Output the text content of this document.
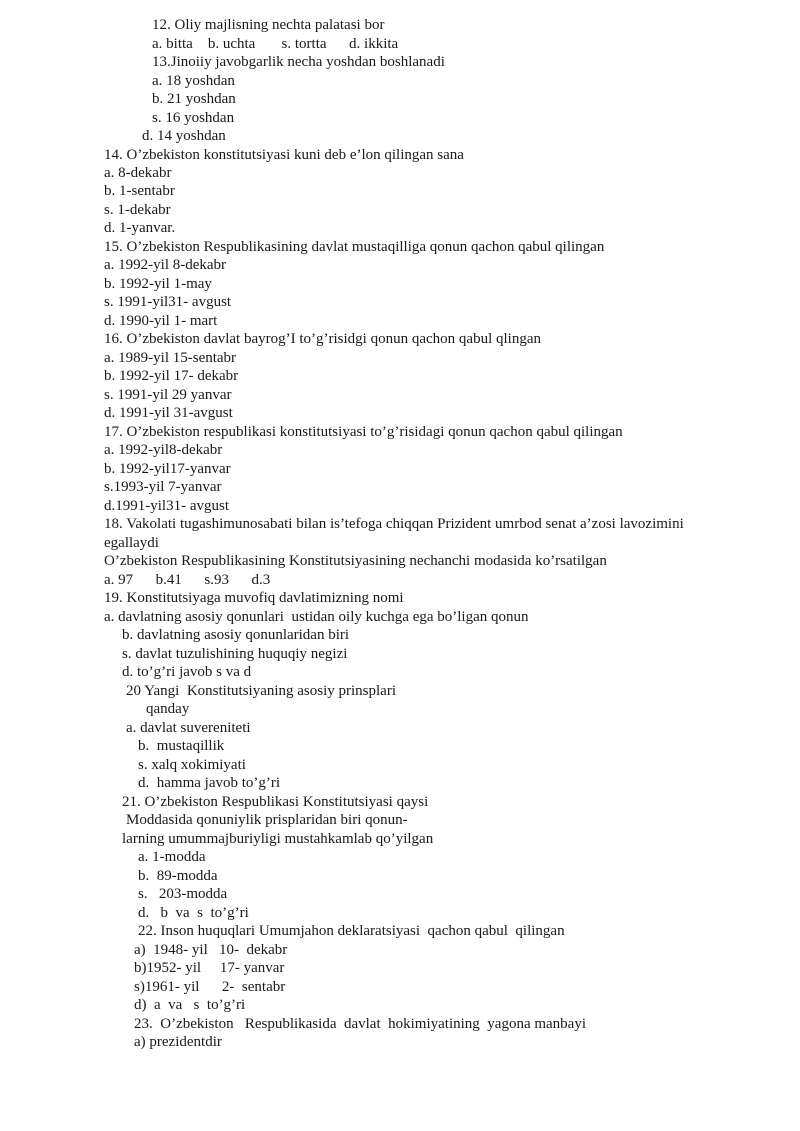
12. Oliy majlisning nechta palatasi bor
a. bitta    b. uchta       s. tortta      d. ikkita
13.Jinoiiy javobgarlik necha yoshdan boshlanadi
a. 18 yoshdan
b. 21 yoshdan
s. 16 yoshdan
d. 14 yoshdan
14. O’zbekiston konstitutsiyasi kuni deb e’lon qilingan sana
a. 8-dekabr
b. 1-sentabr
s. 1-dekabr
d. 1-yanvar.
15. O’zbekiston Respublikasining davlat mustaqilliga qonun qachon qabul qilingan
a. 1992-yil 8-dekabr
b. 1992-yil 1-may
s. 1991-yil31- avgust
d. 1990-yil 1- mart
16. O’zbekiston davlat bayrog’I to’g’risidgi qonun qachon qabul qlingan
a. 1989-yil 15-sentabr
b. 1992-yil 17- dekabr
s. 1991-yil 29 yanvar
d. 1991-yil 31-avgust
17. O’zbekiston respublikasi konstitutsiyasi to’g’risidagi qonun qachon qabul qilingan
a. 1992-yil8-dekabr
b. 1992-yil17-yanvar
s.1993-yil 7-yanvar
d.1991-yil31- avgust
18. Vakolati tugashimunosabati bilan is’tefoga chiqqan Prizident umrbod senat a’zosi lavozimini
egallaydi
O’zbekiston Respublikasining Konstitutsiyasining nechanchi modasida ko’rsatilgan
a. 97      b.41      s.93      d.3
19. Konstitutsiyaga muvofiq davlatimizning nomi
a. davlatning asosiy qonunlari  ustidan oily kuchga ega bo’ligan qonun
b. davlatning asosiy qonunlaridan biri
s. davlat tuzulishining huquqiy negizi
d. to’g’ri javob s va d
20 Yangi  Konstitutsiyaning asosiy prinsplari
qanday
a. davlat suvereniteti
b.  mustaqillik
s. xalq xokimiyati
d.  hamma javob to’g’ri
21. O’zbekiston Respublikasi Konstitutsiyasi qaysi
Moddasida qonuniylik prisplaridan biri qonun-
larning umummajburiyligi mustahkamlab qo’yilgan
a. 1-modda
b.  89-modda
s.   203-modda
d.   b  va  s  to’g’ri
22. Inson huquqlari Umumjahon deklaratsiyasi  qachon qabul  qilingan
a)  1948- yil   10-  dekabr
b)1952- yil     17- yanvar
s)1961- yil      2-  sentabr
d)  a  va   s  to’g’ri
23.  O’zbekiston   Respublikasida  davlat  hokimiyatining  yagona manbayi
a) prezidentdir
